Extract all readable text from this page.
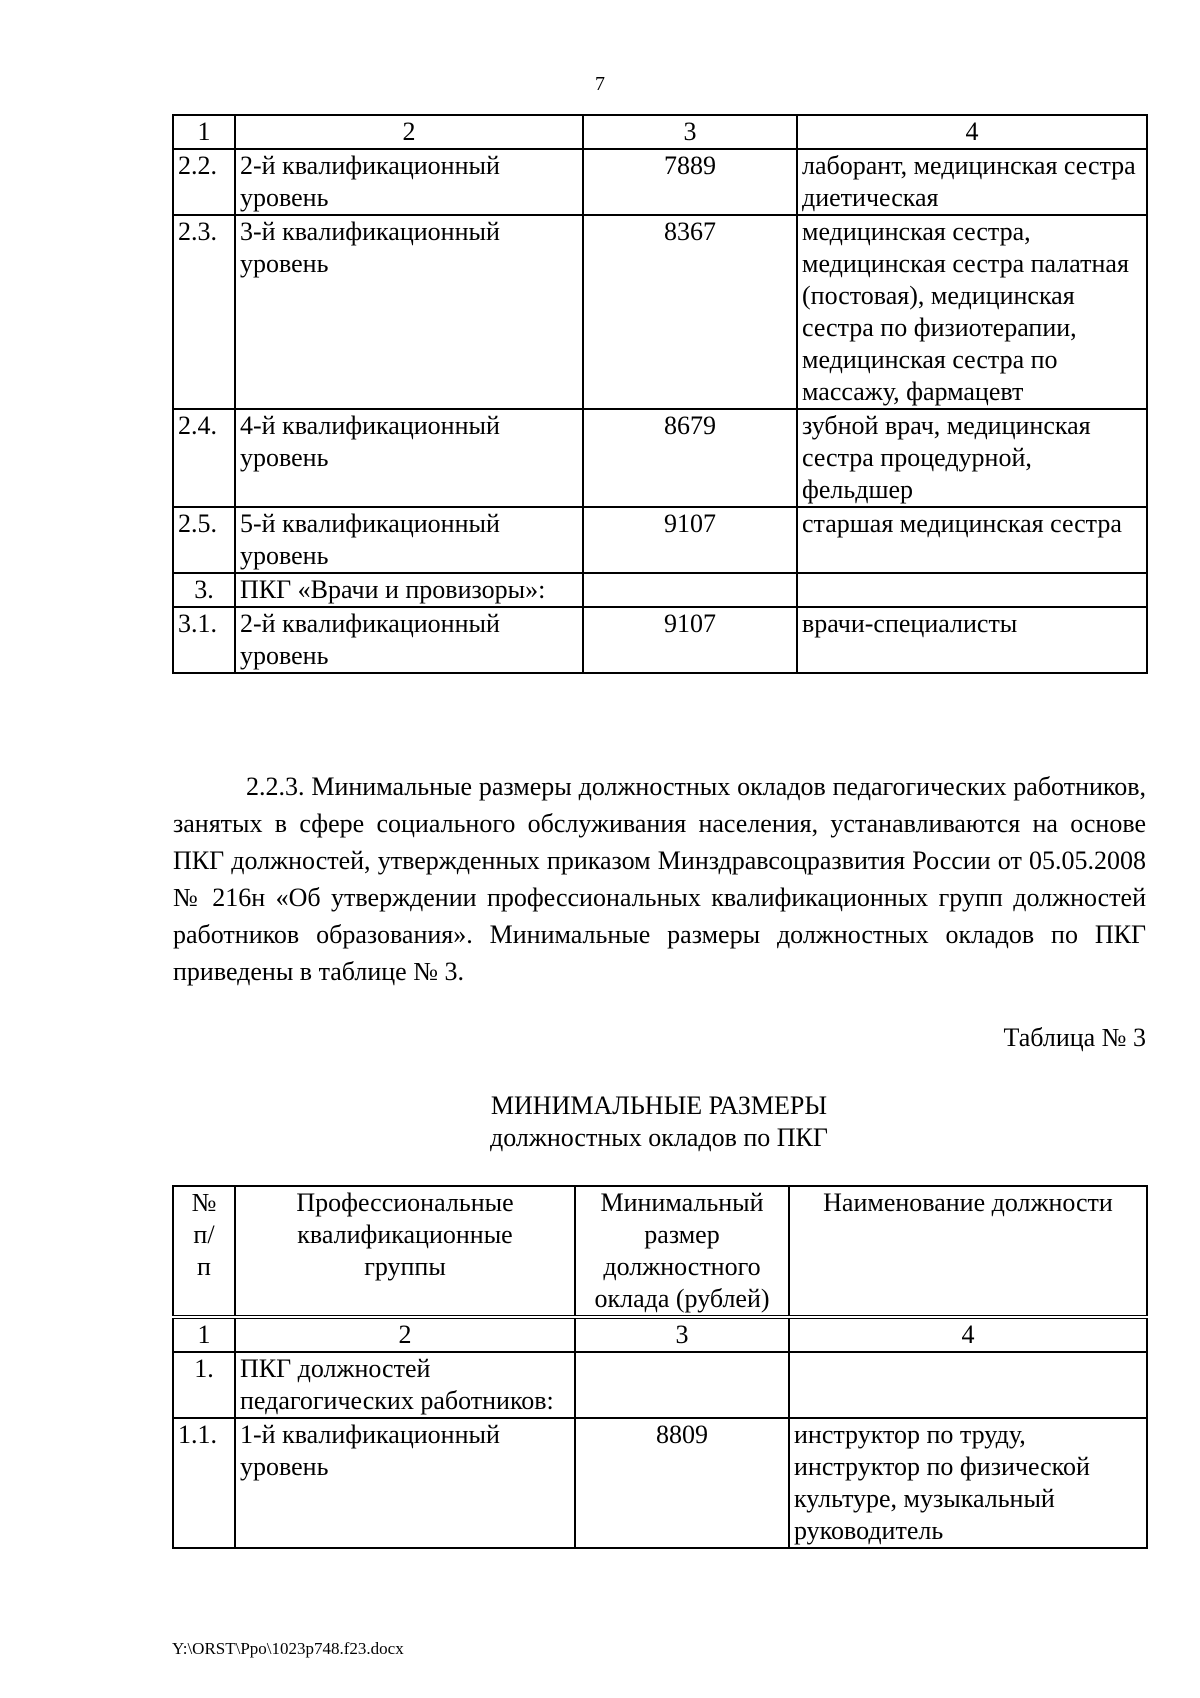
7
1	2	3	4
2.2.	2-й квалификационный уровень	7889	лаборант, медицинская сестра диетическая
2.3.	3-й квалификационный уровень	8367	медицинская сестра, медицинская сестра палатная (постовая), медицинская сестра по физиотерапии, медицинская сестра по массажу, фармацевт
2.4.	4-й квалификационный уровень	8679	зубной врач, медицинская сестра процедурной, фельдшер
2.5.	5-й квалификационный уровень	9107	старшая медицинская сестра
3.	ПКГ «Врачи и провизоры»:		
3.1.	2-й квалификационный уровень	9107	врачи-специалисты

2.2.3. Минимальные размеры должностных окладов педагогических работников, занятых в сфере социального обслуживания населения, устанавливаются на основе ПКГ должностей, утвержденных приказом Минздравсоцразвития России от 05.05.2008 № 216н «Об утверждении профессиональных квалификационных групп должностей работников образования». Минимальные размеры должностных окладов по ПКГ приведены в таблице № 3.

Таблица № 3
МИНИМАЛЬНЫЕ РАЗМЕРЫ
должностных окладов по ПКГ
№ п/п	Профессиональные квалификационные группы	Минимальный размер должностного оклада (рублей)	Наименование должности
1	2	3	4
1.	ПКГ должностей педагогических работников:		
1.1.	1-й квалификационный уровень	8809	инструктор по труду, инструктор по физической культуре, музыкальный руководитель
Y:\ORST\Ppo\1023p748.f23.docx
